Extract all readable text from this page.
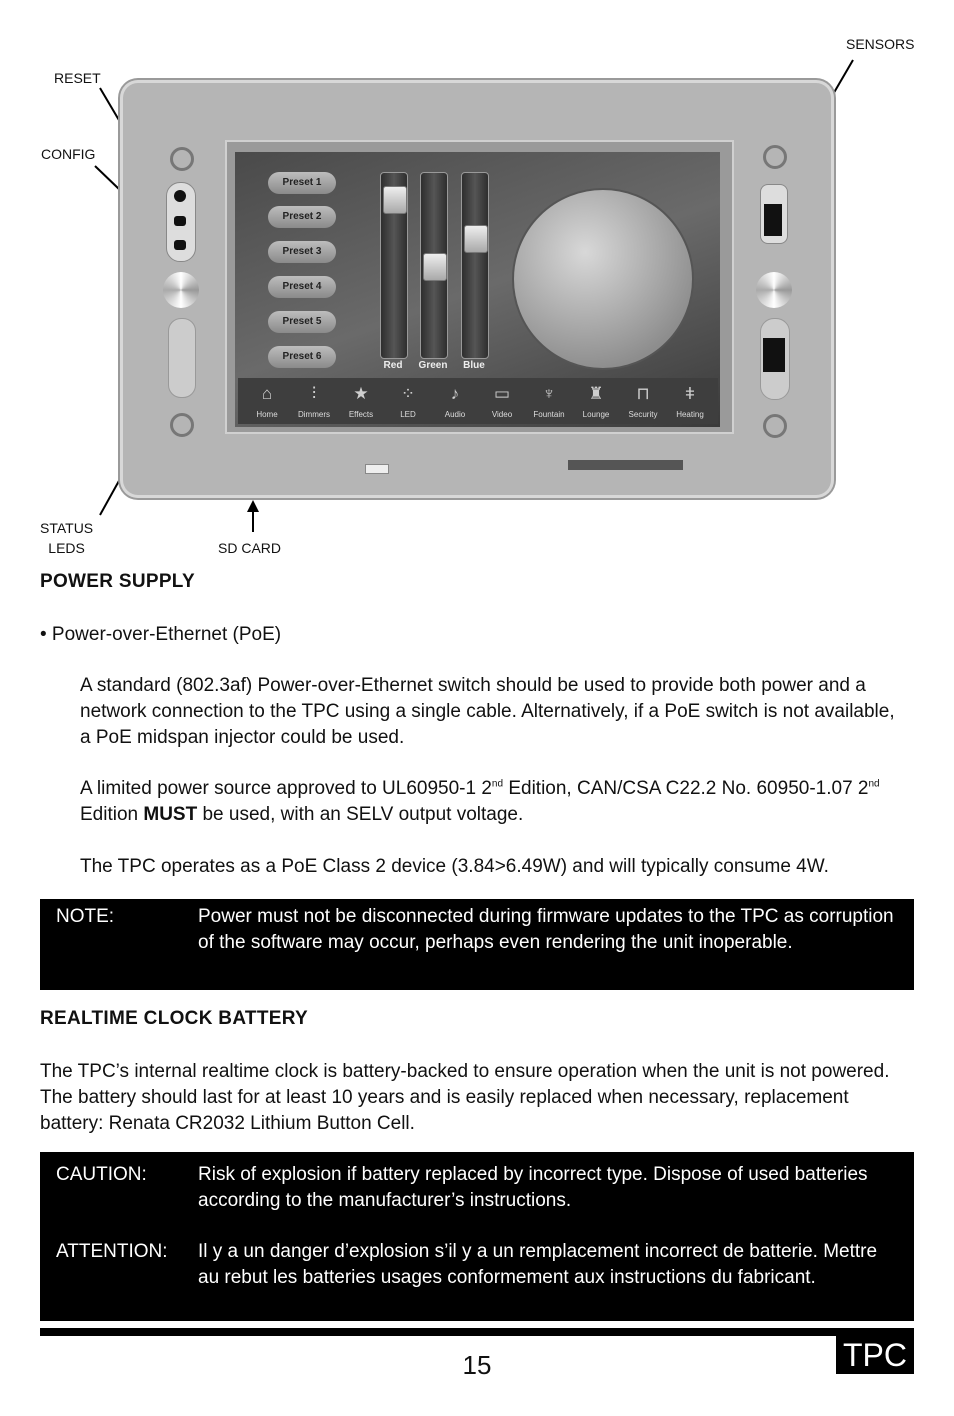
Preset 1
Preset 2
Preset 3
Preset 4
Preset 5
Preset 6
Red	Green	Blue
⌂	⫶	★ ⁘	♪	▭ ♆ ♜ ⊓ ǂ
Home	Dimmers	Effects	LED	Audio	Video	Fountain	Lounge	Security	Heating
RESET
CONFIG
STATUS
LEDS	SD CARD
SENSORS
POWER SUPPLY

• Power-over-Ethernet (PoE)

A standard (802.3af) Power-over-Ethernet switch should be used to provide both power and a network connection to the TPC using a single cable. Alternatively, if a PoE switch is not available, a PoE midspan injector could be used.

A limited power source approved to UL60950-1 2nd Edition, CAN/CSA C22.2 No. 60950-1.07 2nd Edition MUST be used, with an SELV output voltage.

The TPC operates as a PoE Class 2 device (3.84>6.49W) and will typically consume 4W.

NOTE:	Power must not be disconnected during firmware updates to the TPC as corruption of the software may occur, perhaps even rendering the unit inoperable.

REALTIME CLOCK BATTERY

The TPC’s internal realtime clock is battery-backed to ensure operation when the unit is not powered. The battery should last for at least 10 years and is easily replaced when necessary, replacement battery: Renata CR2032 Lithium Button Cell.

CAUTION:	Risk of explosion if battery replaced by incorrect type. Dispose of used batteries according to the manufacturer’s instructions.

ATTENTION: Il y a un danger d’explosion s’il y a un remplacement incorrect de batterie. Mettre au rebut les batteries usages conformement aux instructions du fabricant.

15	TPC
